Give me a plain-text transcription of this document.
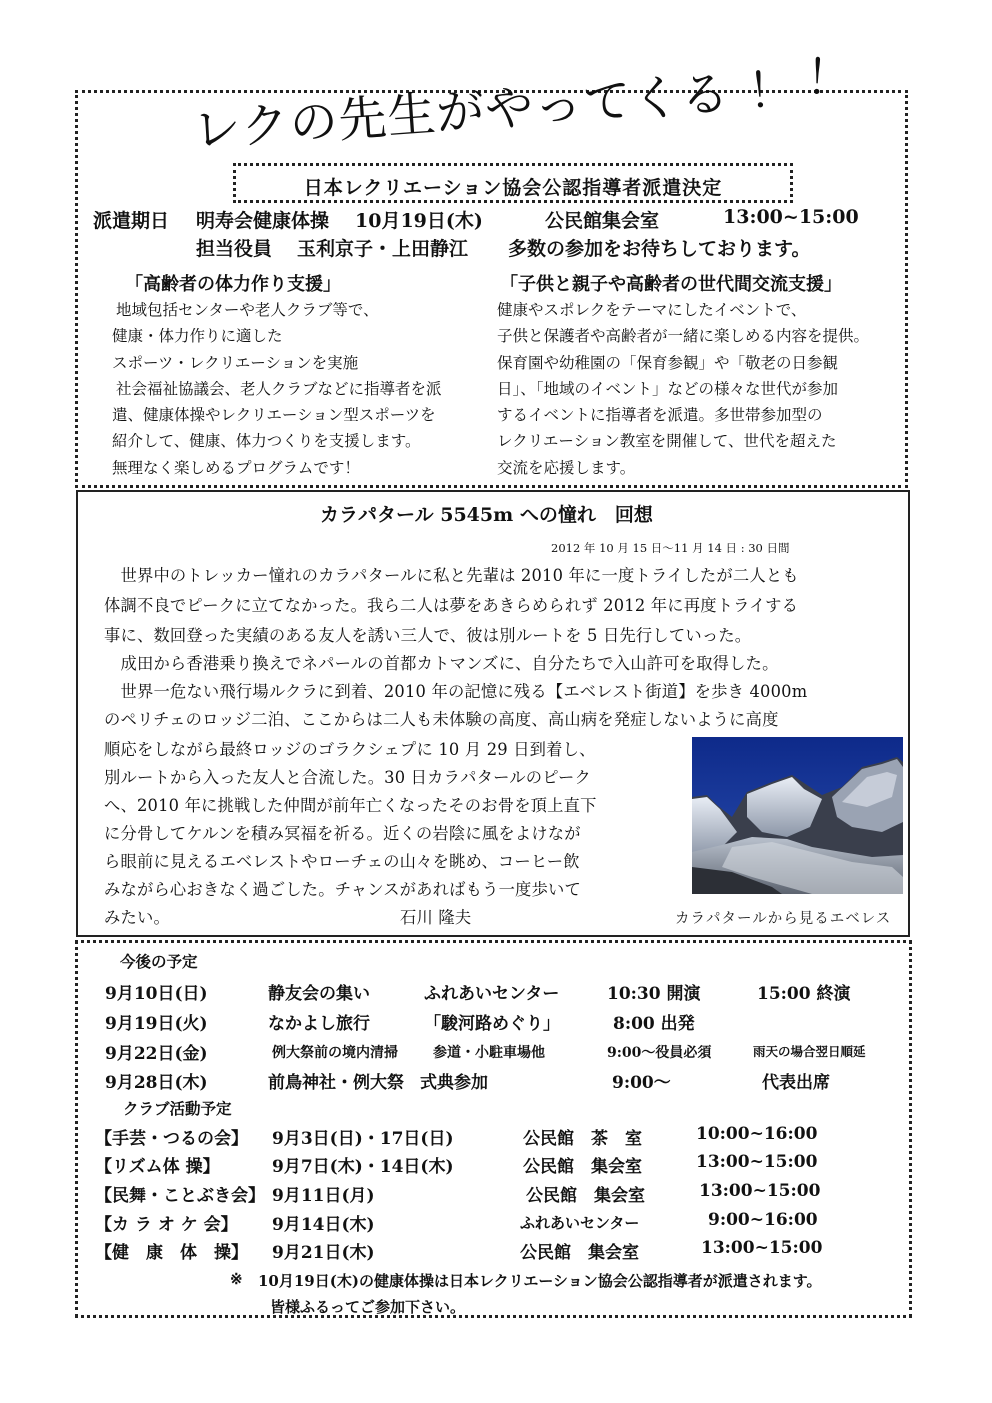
レクの先生がやってくる ！ ！
日本レクリエーション協会公認指導者派遣決定
派遣期日 明寿会健康体操 10月19日(木)	公民館集会室	13:00~15:00
担当役員 玉利京子・上田静江 多数の参加をお待ちしております。
「高齢者の体力作り支援」
地域包括センターや老人クラブ等で、
健康・体力作りに適した
スポーツ・レクリエーションを実施
社会福祉協議会、老人クラブなどに指導者を派
遣、健康体操やレクリエーション型スポーツを
紹介して、健康、体力つくりを支援します。
無理なく楽しめるプログラムです！
「子供と親子や高齢者の世代間交流支援」
健康やスポレクをテーマにしたイベントで、
子供と保護者や高齢者が一緒に楽しめる内容を提供。
保育園や幼稚園の「保育参観」や「敬老の日参観
日」、「地域のイベント」などの様々な世代が参加
するイベントに指導者を派遣。多世帯参加型の
レクリエーション教室を開催して、世代を超えた
交流を応援します。
カラパタール 5545m への憧れ　回想
2012 年 10 月 15 日～11 月 14 日 : 30 日間
　世界中のトレッカー憧れのカラパタールに私と先輩は 2010 年に一度トライしたが二人とも
体調不良でピークに立てなかった。我ら二人は夢をあきらめられず 2012 年に再度トライする
事に、数回登った実績のある友人を誘い三人で、彼は別ルートを 5 日先行していった。
　成田から香港乗り換えでネパールの首都カトマンズに、自分たちで入山許可を取得した。
　世界一危ない飛行場ルクラに到着、2010 年の記憶に残る【エベレスト街道】を歩き 4000m
のペリチェのロッジ二泊、ここからは二人も未体験の高度、高山病を発症しないように高度
順応をしながら最終ロッジのゴラクシェプに 10 月 29 日到着し、
別ルートから入った友人と合流した。30 日カラパタールのピーク
へ、2010 年に挑戦した仲間が前年亡くなったそのお骨を頂上直下
に分骨してケルンを積み冥福を祈る。近くの岩陰に風をよけなが
ら眼前に見えるエベレストやローチェの山々を眺め、コーヒー飲
みながら心おきなく過ごした。チャンスがあればもう一度歩いて
みたい。	石川 隆夫	カラパタールから見るエベレス
今後の予定
9月10日(日)	静友会の集い	ふれあいセンター	10:30 開演	15:00 終演
9月19日(火)	なかよし旅行	「駿河路めぐり」	8:00 出発
9月22日(金)	例大祭前の境内清掃	参道・小駐車場他	9:00～役員必須	雨天の場合翌日順延
9月28日(木)	前鳥神社・例大祭 式典参加	9:00～	代表出席
クラブ活動予定
【手芸・つるの会】 9月3日(日)・17日(日)	公民館　茶　室	10:00~16:00
【リズム体 操】	9月7日(木)・14日(木)	公民館　集会室	13:00~15:00
【民舞・ことぶき会】 9月11日(月)	公民館　集会室	13:00~15:00
【カ ラ オ ケ 会】 9月14日(木)	ふれあいセンター	9:00~16:00
【健　康　体　操】 9月21日(木)	公民館　集会室	13:00~15:00
※ 10月19日(木)の健康体操は日本レクリエーション協会公認指導者が派遣されます。
皆様ふるってご参加下さい。
